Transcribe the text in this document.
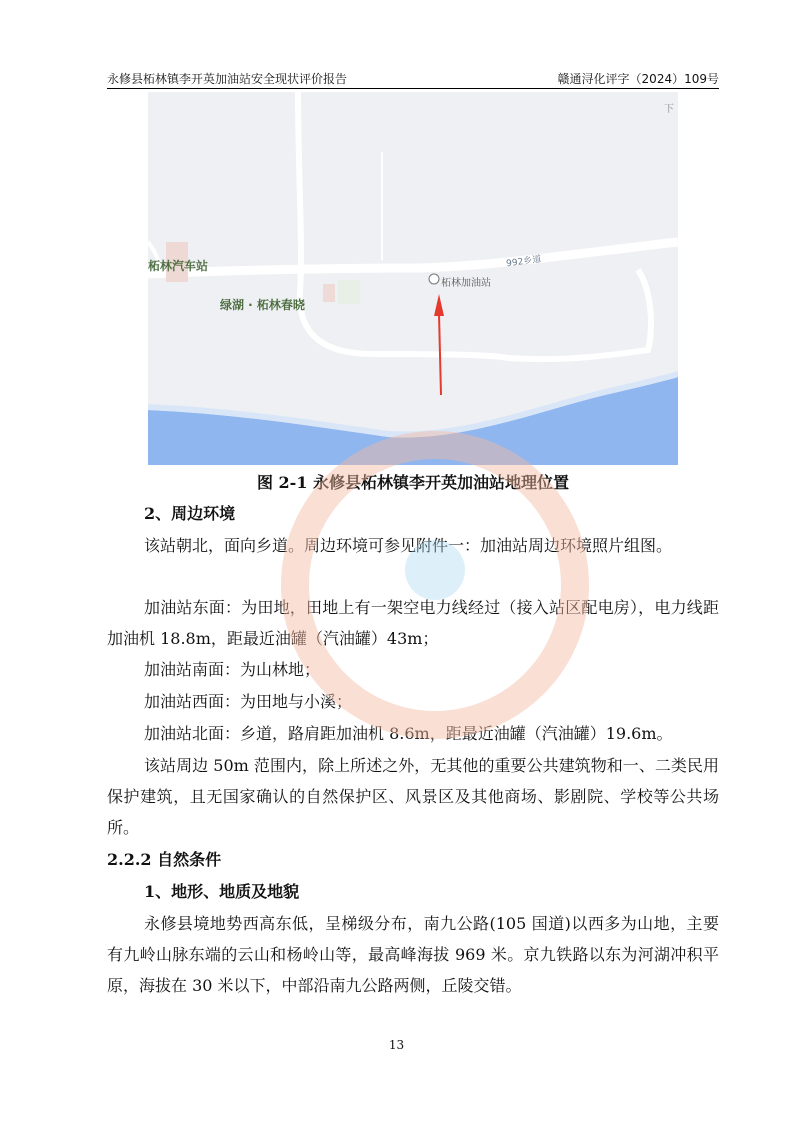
永修县柘林镇李开英加油站安全现状评价报告	赣通浔化评字（2024）109号
柘林汽车站
绿湖 · 柘林春晓
柘林加油站
992乡道
下
图 2-1 永修县柘林镇李开英加油站地理位置
2、周边环境
该站朝北，面向乡道。周边环境可参见附件一：加油站周边环境照片组图。
加油站东面：为田地，田地上有一架空电力线经过（接入站区配电房），电力线距加油机 18.8m，距最近油罐（汽油罐）43m；
加油站南面：为山林地；
加油站西面：为田地与小溪；
加油站北面：乡道，路肩距加油机 8.6m，距最近油罐（汽油罐）19.6m。
该站周边 50m 范围内，除上所述之外，无其他的重要公共建筑物和一、二类民用保护建筑，且无国家确认的自然保护区、风景区及其他商场、影剧院、学校等公共场所。
2.2.2 自然条件
1、地形、地质及地貌
永修县境地势西高东低，呈梯级分布，南九公路(105 国道)以西多为山地，主要有九岭山脉东端的云山和杨岭山等，最高峰海拔 969 米。京九铁路以东为河湖冲积平原，海拔在 30 米以下，中部沿南九公路两侧，丘陵交错。
13
